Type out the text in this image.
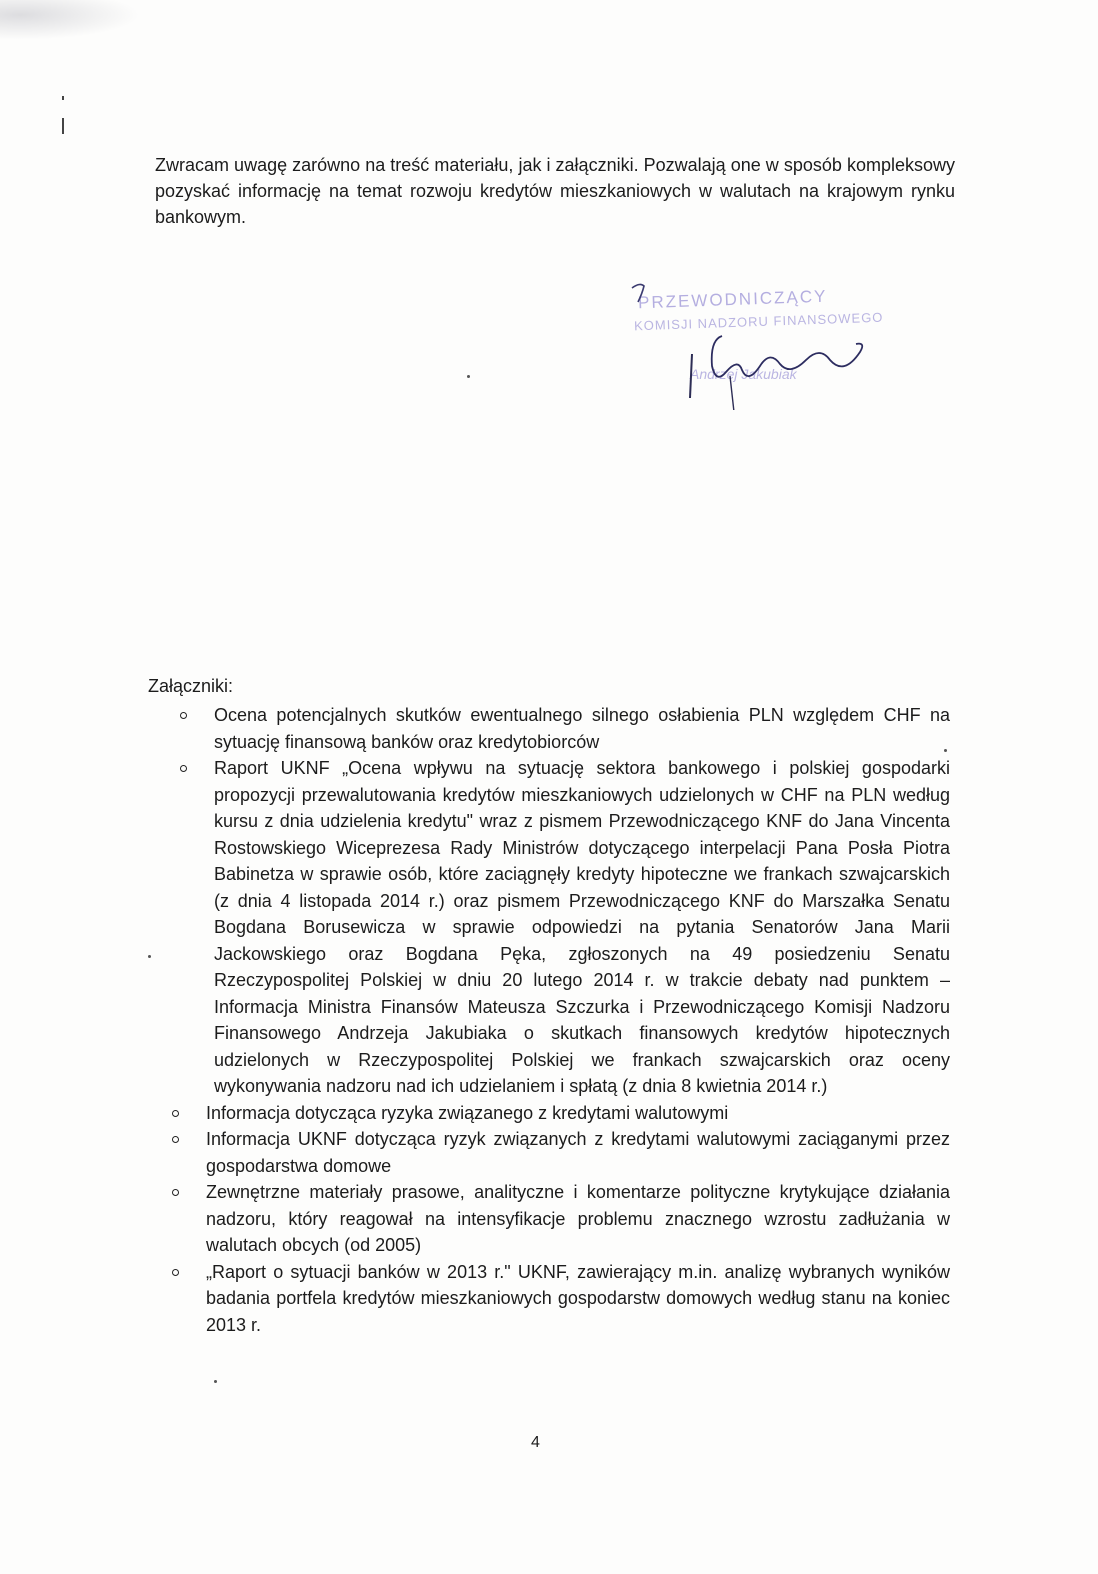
Zwracam uwagę zarówno na treść materiału, jak i załączniki. Pozwalają one w sposób kompleksowy pozyskać informację na temat rozwoju kredytów mieszkaniowych w walutach na krajowym rynku bankowym.

PRZEWODNICZĄCY
KOMISJI NADZORU FINANSOWEGO
Andrzej Jakubiak
Załączniki:
Ocena potencjalnych skutków ewentualnego silnego osłabienia PLN względem CHF na sytuację finansową banków oraz kredytobiorców
Raport UKNF „Ocena wpływu na sytuację sektora bankowego i polskiej gospodarki propozycji przewalutowania kredytów mieszkaniowych udzielonych w CHF na PLN według kursu z dnia udzielenia kredytu" wraz z pismem Przewodniczącego KNF do Jana Vincenta Rostowskiego Wiceprezesa Rady Ministrów dotyczącego interpelacji Pana Posła Piotra Babinetza w sprawie osób, które zaciągnęły kredyty hipoteczne we frankach szwajcarskich (z dnia 4 listopada 2014 r.) oraz pismem Przewodniczącego KNF do Marszałka Senatu Bogdana Borusewicza w sprawie odpowiedzi na pytania Senatorów Jana Marii Jackowskiego oraz Bogdana Pęka, zgłoszonych na 49 posiedzeniu Senatu Rzeczypospolitej Polskiej w dniu 20 lutego 2014 r. w trakcie debaty nad punktem – Informacja Ministra Finansów Mateusza Szczurka i Przewodniczącego Komisji Nadzoru Finansowego Andrzeja Jakubiaka o skutkach finansowych kredytów hipotecznych udzielonych w Rzeczypospolitej Polskiej we frankach szwajcarskich oraz oceny wykonywania nadzoru nad ich udzielaniem i spłatą (z dnia 8 kwietnia 2014 r.)
Informacja dotycząca ryzyka związanego z kredytami walutowymi
Informacja UKNF dotycząca ryzyk związanych z kredytami walutowymi zaciąganymi przez gospodarstwa domowe
Zewnętrzne materiały prasowe, analityczne i komentarze polityczne krytykujące działania nadzoru, który reagował na intensyfikacje problemu znacznego wzrostu zadłużania w walutach obcych (od 2005)
„Raport o sytuacji banków w 2013 r." UKNF, zawierający m.in. analizę wybranych wyników badania portfela kredytów mieszkaniowych gospodarstw domowych według stanu na koniec 2013 r.
4
